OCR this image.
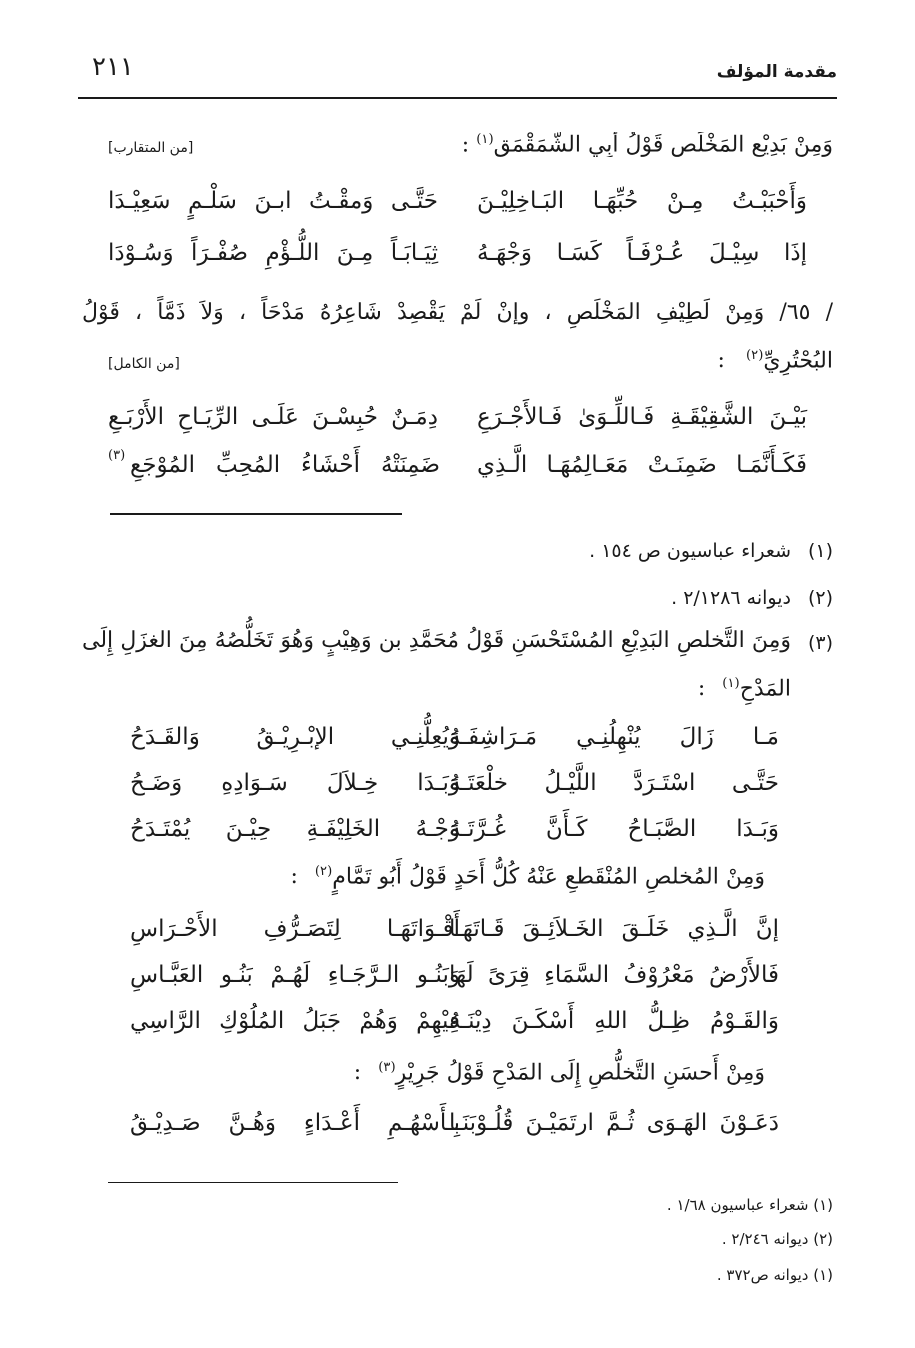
مقدمة المؤلف
٢١١
وَمِنْ بَدِيْعِ المَخْلَصِ قَوْلُ أَبِي الشَّمَقْمَقِ$^{(١)}$ :
[من المتقارب]
وَأَحْبَبْـتُ مِـنْ حُبِّهَـا البَـاخِلِيْـنَ
حَتَّـى وَمقْـتُ ابـنَ سَلْـمٍ سَعِيْـدَا
إذَا سِيْـلَ عُـرْفَـاً كَسَـا وَجْهَـهُ
ثِيَـابَـاً مِـنَ اللُّـؤْمِ صُفْـرَاً وَسُـوْدَا
/ ٦٥/ وَمِنْ لَطِيْفِ المَخْلَصِ ، وإنْ لَمْ يَقْصِدْ شَاعِرُهُ مَدْحَاً ، وَلاَ ذَمَّاً ، قَوْلُ
البُحْتُرِيِّ$^{(٢)}$ :
[من الكامل]
بَيْـنَ الشَّقِيْقَـةِ فَـاللِّـوَىٰ فَـالأَجْـرَعِ
دِمَـنٌ حُبِسْـنَ عَلَـى الرِّيَـاحِ الأَرْبَـعِ
فَكَـأَنَّمَـا ضَمِنَـتْ مَعَـالِمُهَـا الَّـذِي
ضَمِنَتْهُ أَحْشَاءُ المُحِبِّ المُوْجَعِ
(٣)
(١)شعراء عباسيون ص ١٥٤ .
(٢)ديوانه ٢/١٢٨٦ .
(٣)
وَمِنَ التَّخلصِ البَدِيْعِ المُسْتَحْسَنِ قَوْلُ مُحَمَّدِ بن وَهِيْبٍ وَهُوَ تَخَلُّصُهُ مِنَ الغزَلِ إِلَى
المَدْحِ$^{(١)}$ :
مَـا زَالَ يُنْهِلُنِـي مَـرَاشِفَـهُ
وَيُعِلُّنِـي الإبْـرِيْـقُ وَالقَـدَحُ
حَتَّـى اسْتَـرَدَّ اللَّيْـلُ خلْعَتَـهُ
وَبَـدَا خِـلاَلَ سَـوَادِهِ وَضَـحُ
وَبَـدَا الصَّبَـاحُ كَـأَنَّ غُـرَّتَـهُ
وَجْـهُ الخَلِيْفَـةِ حِيْـنَ يُمْتَـدَحُ
وَمِنْ المُخلصِ المُنْقَطعِ عَنْهُ كُلُّ أَحَدٍ قَوْلُ أَبُو تَمَّامٍ$^{(٢)}$ :
إنَّ الَّـذِي خَلَـقَ الخَـلاَئِـقَ قَـاتَهَـا
أَقْـوَاتَهَـا لِتَصَـرُّفِ الأَحْـرَاسِ
فَالأَرْضُ مَعْرُوْفُ السَّمَاءِ قِرَىً لَهَا
وَبَنُـو الـرَّجَـاءِ لَهُـمْ بَنُـو العَبَّـاسِ
وَالقَـوْمُ ظِـلُّ اللهِ أَسْكَـنَ دِيْنَـهُ
فِيْهِمْ وَهُمْ جَبَلُ المُلُوْكِ الرَّاسِي
وَمِنْ أَحسَنِ التَّخلُّصِ إِلَى المَدْحِ قَوْلُ جَرِيْرٍ$^{(٣)}$ :
دَعَـوْنَ الهَـوَى ثُـمَّ ارتَمَيْـنَ قُلُـوْبَنَـا
بِـأَسْهُـمِ أَعْـدَاءٍ وَهُـنَّ صَـدِيْـقُ
(١) شعراء عباسيون ١/٦٨ .
(٢) ديوانه ٢/٢٤٦ .
(١) ديوانه ص٣٧٢ .
